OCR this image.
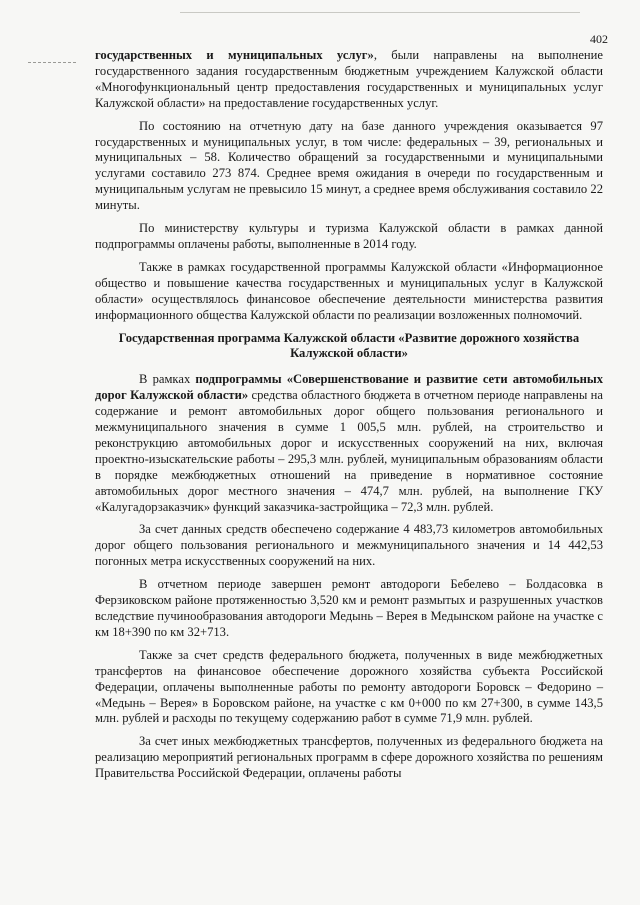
402

государственных и муниципальных услуг», были направлены на выполнение государственного задания государственным бюджетным учреждением Калужской области «Многофункциональный центр предоставления государственных и муниципальных услуг Калужской области» на предоставление государственных услуг.

По состоянию на отчетную дату на базе данного учреждения оказывается 97 государственных и муниципальных услуг, в том числе: федеральных – 39, региональных и муниципальных – 58. Количество обращений за государственными и муниципальными услугами составило 273 874. Среднее время ожидания в очереди по государственным и муниципальным услугам не превысило 15 минут, а среднее время обслуживания составило 22 минуты.

По министерству культуры и туризма Калужской области в рамках данной подпрограммы оплачены работы, выполненные в 2014 году.

Также в рамках государственной программы Калужской области «Информационное общество и повышение качества государственных и муниципальных услуг в Калужской области» осуществлялось финансовое обеспечение деятельности министерства развития информационного общества Калужской области по реализации возложенных полномочий.

Государственная программа Калужской области «Развитие дорожного хозяйства Калужской области»

В рамках подпрограммы «Совершенствование и развитие сети автомобильных дорог Калужской области» средства областного бюджета в отчетном периоде направлены на содержание и ремонт автомобильных дорог общего пользования регионального и межмуниципального значения в сумме 1 005,5 млн. рублей, на строительство и реконструкцию автомобильных дорог и искусственных сооружений на них, включая проектно-изыскательские работы – 295,3 млн. рублей, муниципальным образованиям области в порядке межбюджетных отношений на приведение в нормативное состояние автомобильных дорог местного значения – 474,7 млн. рублей, на выполнение ГКУ «Калугадорзаказчик» функций заказчика-застройщика – 72,3 млн. рублей.

За счет данных средств обеспечено содержание 4 483,73 километров автомобильных дорог общего пользования регионального и межмуниципального значения и 14 442,53 погонных метра искусственных сооружений на них.

В отчетном периоде завершен ремонт автодороги Бебелево – Болдасовка в Ферзиковском районе протяженностью 3,520 км и ремонт размытых и разрушенных участков вследствие пучинообразования автодороги Медынь – Верея в Медынском районе на участке с км 18+390 по км 32+713.

Также за счет средств федерального бюджета, полученных в виде межбюджетных трансфертов на финансовое обеспечение дорожного хозяйства субъекта Российской Федерации, оплачены выполненные работы по ремонту автодороги Боровск – Федорино – «Медынь – Верея» в Боровском районе, на участке с км 0+000 по км 27+300, в сумме 143,5 млн. рублей и расходы по текущему содержанию работ в сумме 71,9 млн. рублей.

За счет иных межбюджетных трансфертов, полученных из федерального бюджета на реализацию мероприятий региональных программ в сфере дорожного хозяйства по решениям Правительства Российской Федерации, оплачены работы
